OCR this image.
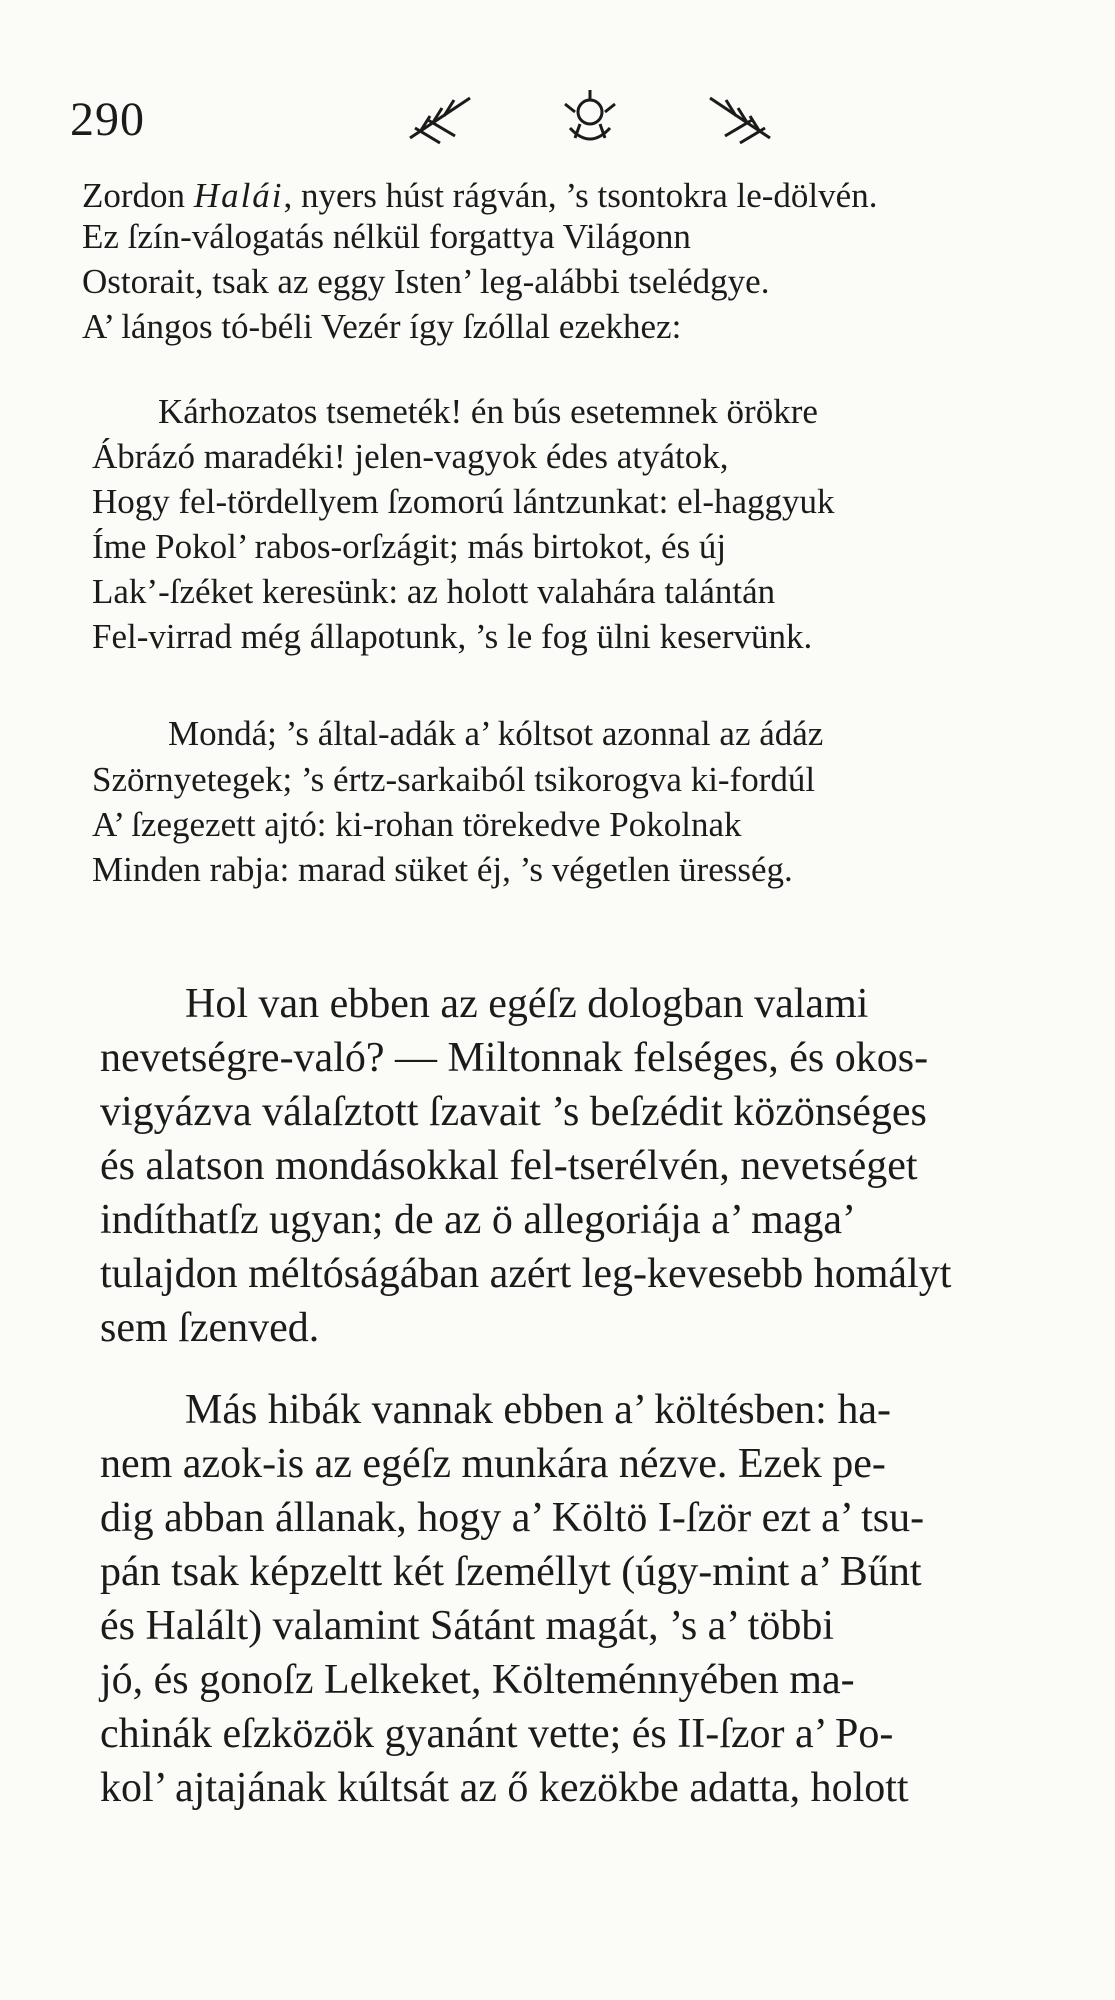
290
Zordon Halái, nyers húst rágván, ’s tsontokra le-dölvén.
Ez ſzín-válogatás nélkül forgattya Világonn
Ostorait, tsak az eggy Isten’ leg-alábbi tselédgye.
A’ lángos tó-béli Vezér így ſzóllal ezekhez:
Kárhozatos tsemeték! én bús esetemnek örökre
Ábrázó maradéki! jelen-vagyok édes atyátok,
Hogy fel-tördellyem ſzomorú lántzunkat: el-haggyuk
Íme Pokol’ rabos-orſzágit; más birtokot, és új
Lak’-ſzéket keresünk: az holott valahára talántán
Fel-virrad még állapotunk, ’s le fog ülni keservünk.
Mondá; ’s által-adák a’ kóltsot azonnal az ádáz
Szörnyetegek; ’s értz-sarkaiból tsikorogva ki-fordúl
A’ ſzegezett ajtó: ki-rohan törekedve Pokolnak
Minden rabja: marad süket éj, ’s végetlen üresség.
Hol van ebben az egéſz dologban valami
nevetségre-való? — Miltonnak felséges, és okos-
vigyázva válaſztott ſzavait ’s beſzédit közönséges
és alatson mondásokkal fel-tserélvén, nevetséget
indíthatſz ugyan; de az ö allegoriája a’ maga’
tulajdon méltóságában azért leg-kevesebb homályt
sem ſzenved.
Más hibák vannak ebben a’ költésben: ha-
nem azok-is az egéſz munkára nézve. Ezek pe-
dig abban állanak, hogy a’ Költö I-ſzör ezt a’ tsu-
pán tsak képzeltt két ſzeméllyt (úgy-mint a’ Bűnt
és Halált) valamint Sátánt magát, ’s a’ többi
jó, és gonoſz Lelkeket, Költeménnyében ma-
chinák eſzközök gyanánt vette; és II-ſzor a’ Po-
kol’ ajtajának kúltsát az ő kezökbe adatta, holott
